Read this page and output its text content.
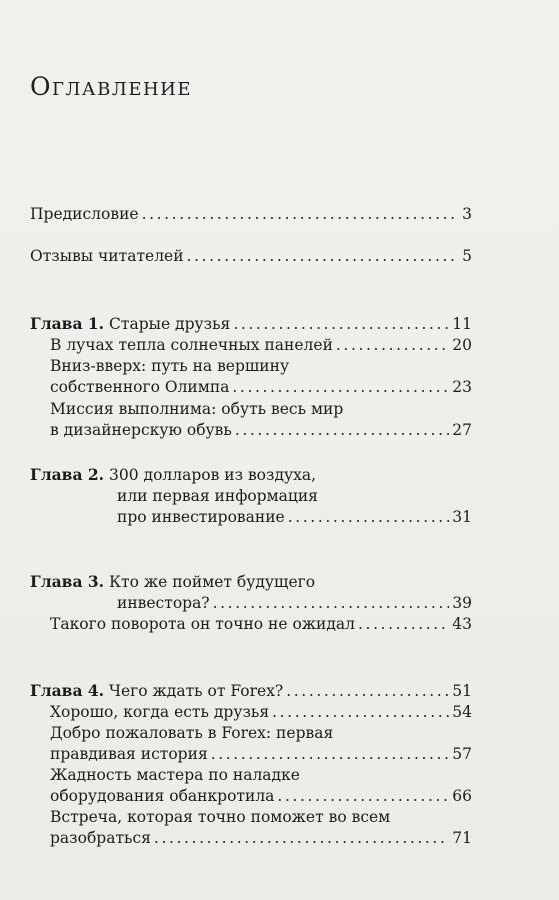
Оглавление
Предисловие .....	3
Отзывы читателей .....	5
Глава 1. Старые друзья .....	11
В лучах тепла солнечных панелей .....	20
Вниз-вверх: путь на вершину
собственного Олимпа .....	23
Миссия выполнима: обуть весь мир
в дизайнерскую обувь .....	27
Глава 2. 300 долларов из воздуха,
или первая информация
про инвестирование .....	31
Глава 3. Кто же поймет будущего
инвестора? .....	39
Такого поворота он точно не ожидал .....	43
Глава 4. Чего ждать от Forex? .....	51
Хорошо, когда есть друзья .....	54
Добро пожаловать в Forex: первая
правдивая история .....	57
Жадность мастера по наладке
оборудования обанкротила .....	66
Встреча, которая точно поможет во всем
разобраться .....	71
